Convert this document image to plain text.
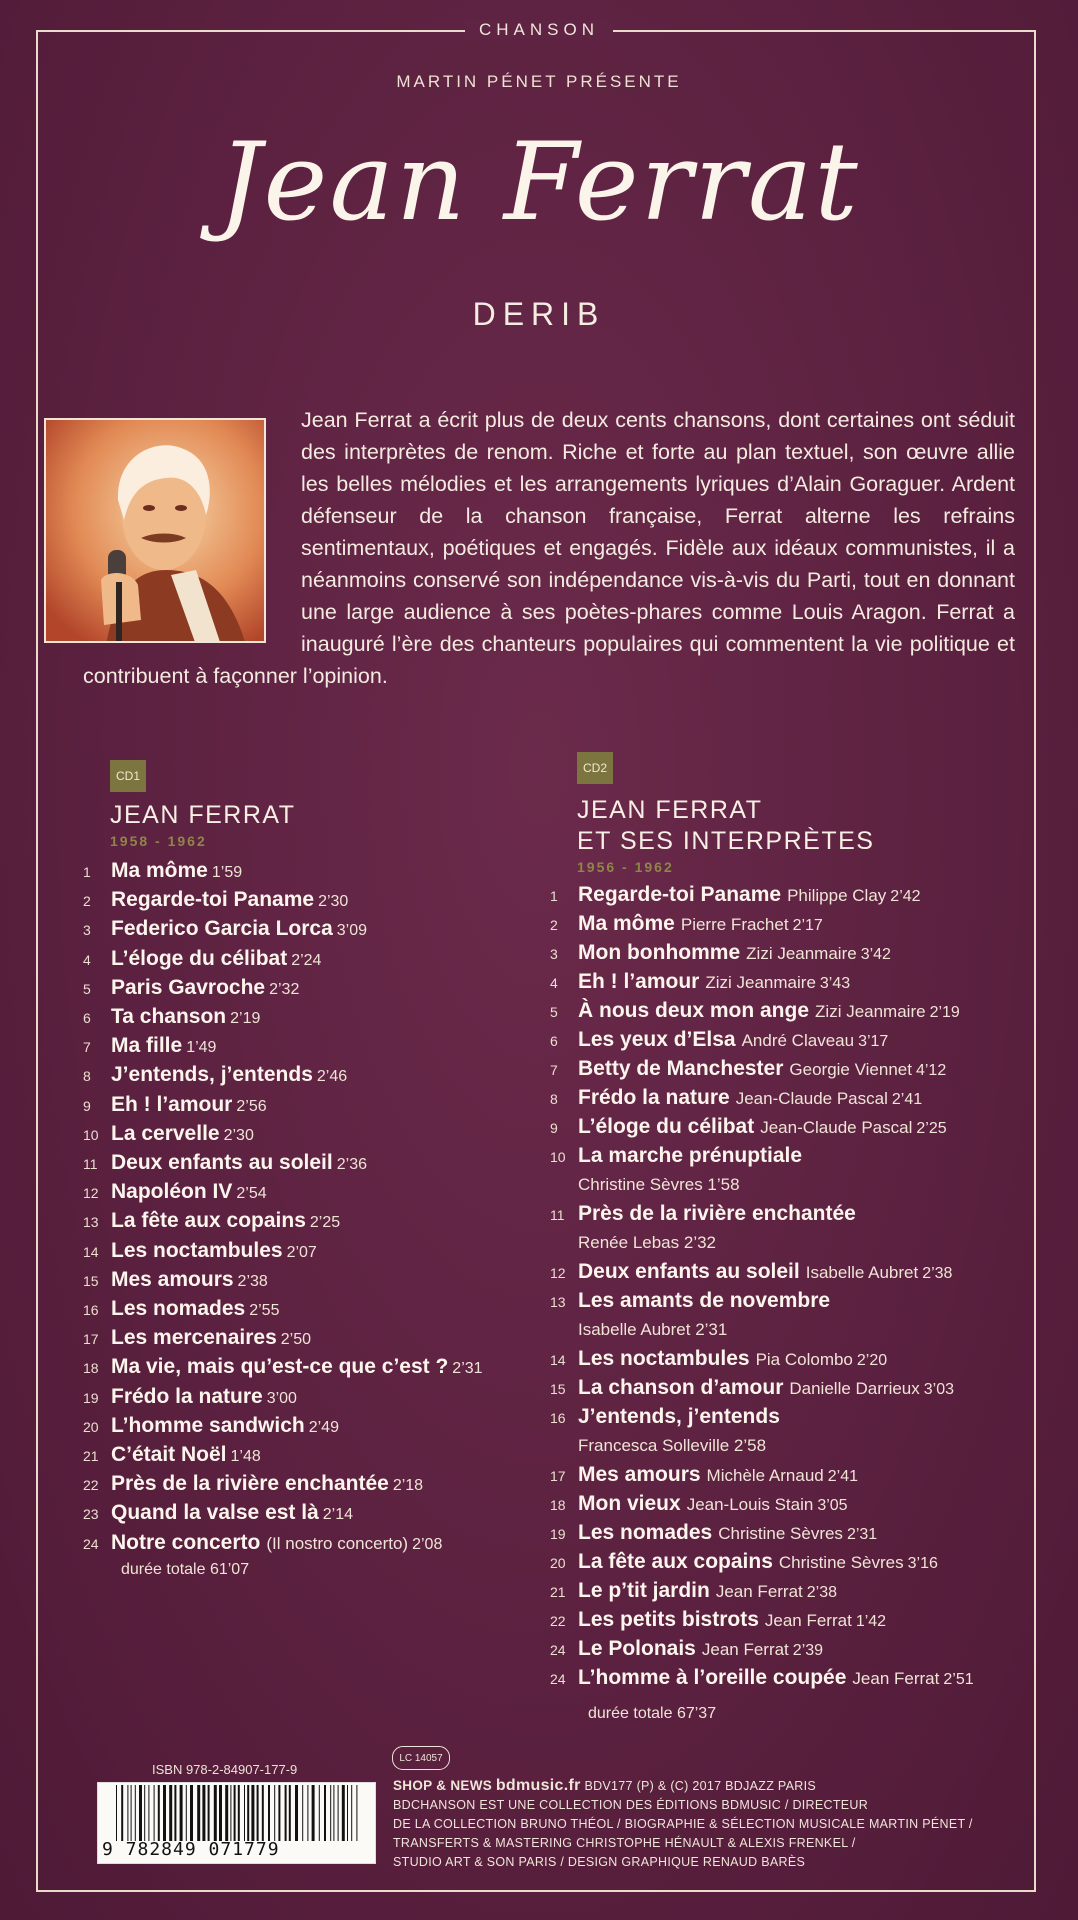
CHANSON
MARTIN PÉNET PRÉSENTE
Jean Ferrat
DERIB
Jean Ferrat a écrit plus de deux cents chansons, dont certaines ont séduit des interprètes de renom. Riche et forte au plan textuel, son œuvre allie les belles mélodies et les arrangements lyriques d’Alain Goraguer. Ardent défenseur de la chanson française, Ferrat alterne les refrains sentimentaux, poétiques et engagés. Fidèle aux idéaux communistes, il a néanmoins conservé son indépendance vis-à-vis du Parti, tout en donnant une large audience à ses poètes-phares comme Louis Aragon. Ferrat a inauguré l’ère des chanteurs populaires qui commentent la vie politique et contribuent à façonner l’opinion.
CD1
JEAN FERRAT
1958 - 1962
1 Ma môme 1’59
2 Regarde-toi Paname 2’30
3 Federico Garcia Lorca 3’09
4 L’éloge du célibat 2’24
5 Paris Gavroche 2’32
6 Ta chanson 2’19
7 Ma fille 1’49
8 J’entends, j’entends 2’46
9 Eh ! l’amour 2’56
10 La cervelle 2’30
11 Deux enfants au soleil 2’36
12 Napoléon IV 2’54
13 La fête aux copains 2’25
14 Les noctambules 2’07
15 Mes amours 2’38
16 Les nomades 2’55
17 Les mercenaires 2’50
18 Ma vie, mais qu’est-ce que c’est ? 2’31
19 Frédo la nature 3’00
20 L’homme sandwich 2’49
21 C’était Noël 1’48
22 Près de la rivière enchantée 2’18
23 Quand la valse est là 2’14
24 Notre concerto (Il nostro concerto) 2’08
durée totale 61’07
CD2
JEAN FERRAT
ET SES INTERPRÈTES
1956 - 1962
1 Regarde-toi Paname Philippe Clay 2’42
2 Ma môme Pierre Frachet 2’17
3 Mon bonhomme Zizi Jeanmaire 3’42
4 Eh ! l’amour Zizi Jeanmaire 3’43
5 À nous deux mon ange Zizi Jeanmaire 2’19
6 Les yeux d’Elsa André Claveau 3’17
7 Betty de Manchester Georgie Viennet 4’12
8 Frédo la nature Jean-Claude Pascal 2’41
9 L’éloge du célibat Jean-Claude Pascal 2’25
10 La marche prénuptiale
Christine Sèvres 1’58
11 Près de la rivière enchantée
Renée Lebas 2’32
12 Deux enfants au soleil Isabelle Aubret 2’38
13 Les amants de novembre
Isabelle Aubret 2’31
14 Les noctambules Pia Colombo 2’20
15 La chanson d’amour Danielle Darrieux 3’03
16 J’entends, j’entends
Francesca Solleville 2’58
17 Mes amours Michèle Arnaud 2’41
18 Mon vieux Jean-Louis Stain 3’05
19 Les nomades Christine Sèvres 2’31
20 La fête aux copains Christine Sèvres 3’16
21 Le p’tit jardin Jean Ferrat 2’38
22 Les petits bistrots Jean Ferrat 1’42
24 Le Polonais Jean Ferrat 2’39
24 L’homme à l’oreille coupée Jean Ferrat 2’51
durée totale 67’37
ISBN 978-2-84907-177-9
LC 14057
9 782849 071779
SHOP & NEWS bdmusic.fr BDV177 (P) & (C) 2017 BDJAZZ PARIS
BDCHANSON EST UNE COLLECTION DES ÉDITIONS BDMUSIC / DIRECTEUR
DE LA COLLECTION BRUNO THÉOL / BIOGRAPHIE & SÉLECTION MUSICALE MARTIN PÉNET /
TRANSFERTS & MASTERING CHRISTOPHE HÉNAULT & ALEXIS FRENKEL /
STUDIO ART & SON PARIS / DESIGN GRAPHIQUE RENAUD BARÈS
